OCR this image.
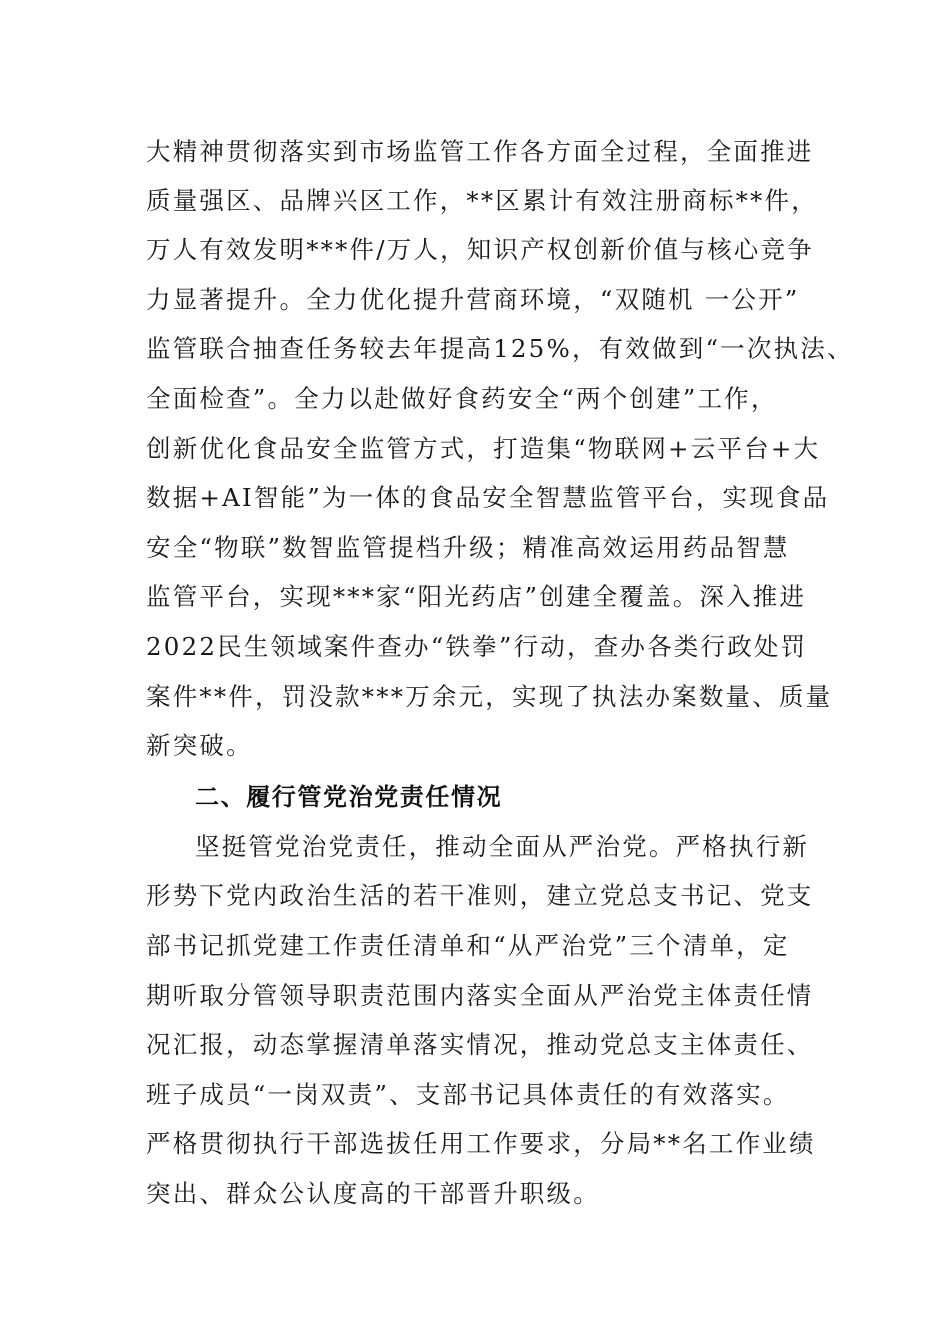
大精神贯彻落实到市场监管工作各方面全过程，全面推进
质量强区、品牌兴区工作，**区累计有效注册商标**件，
万人有效发明***件/万人，知识产权创新价值与核心竞争
力显著提升。全力优化提升营商环境，“双随机 一公开”
监管联合抽查任务较去年提高125%，有效做到“一次执法、
全面检查”。全力以赴做好食药安全“两个创建”工作，
创新优化食品安全监管方式，打造集“物联网+云平台+大
数据+AI智能”为一体的食品安全智慧监管平台，实现食品
安全“物联”数智监管提档升级；精准高效运用药品智慧
监管平台，实现***家“阳光药店”创建全覆盖。深入推进
2022民生领域案件查办“铁拳”行动，查办各类行政处罚
案件**件，罚没款***万余元，实现了执法办案数量、质量
新突破。
二、履行管党治党责任情况
坚挺管党治党责任，推动全面从严治党。严格执行新
形势下党内政治生活的若干准则，建立党总支书记、党支
部书记抓党建工作责任清单和“从严治党”三个清单，定
期听取分管领导职责范围内落实全面从严治党主体责任情
况汇报，动态掌握清单落实情况，推动党总支主体责任、
班子成员“一岗双责”、支部书记具体责任的有效落实。
严格贯彻执行干部选拔任用工作要求，分局**名工作业绩
突出、群众公认度高的干部晋升职级。
